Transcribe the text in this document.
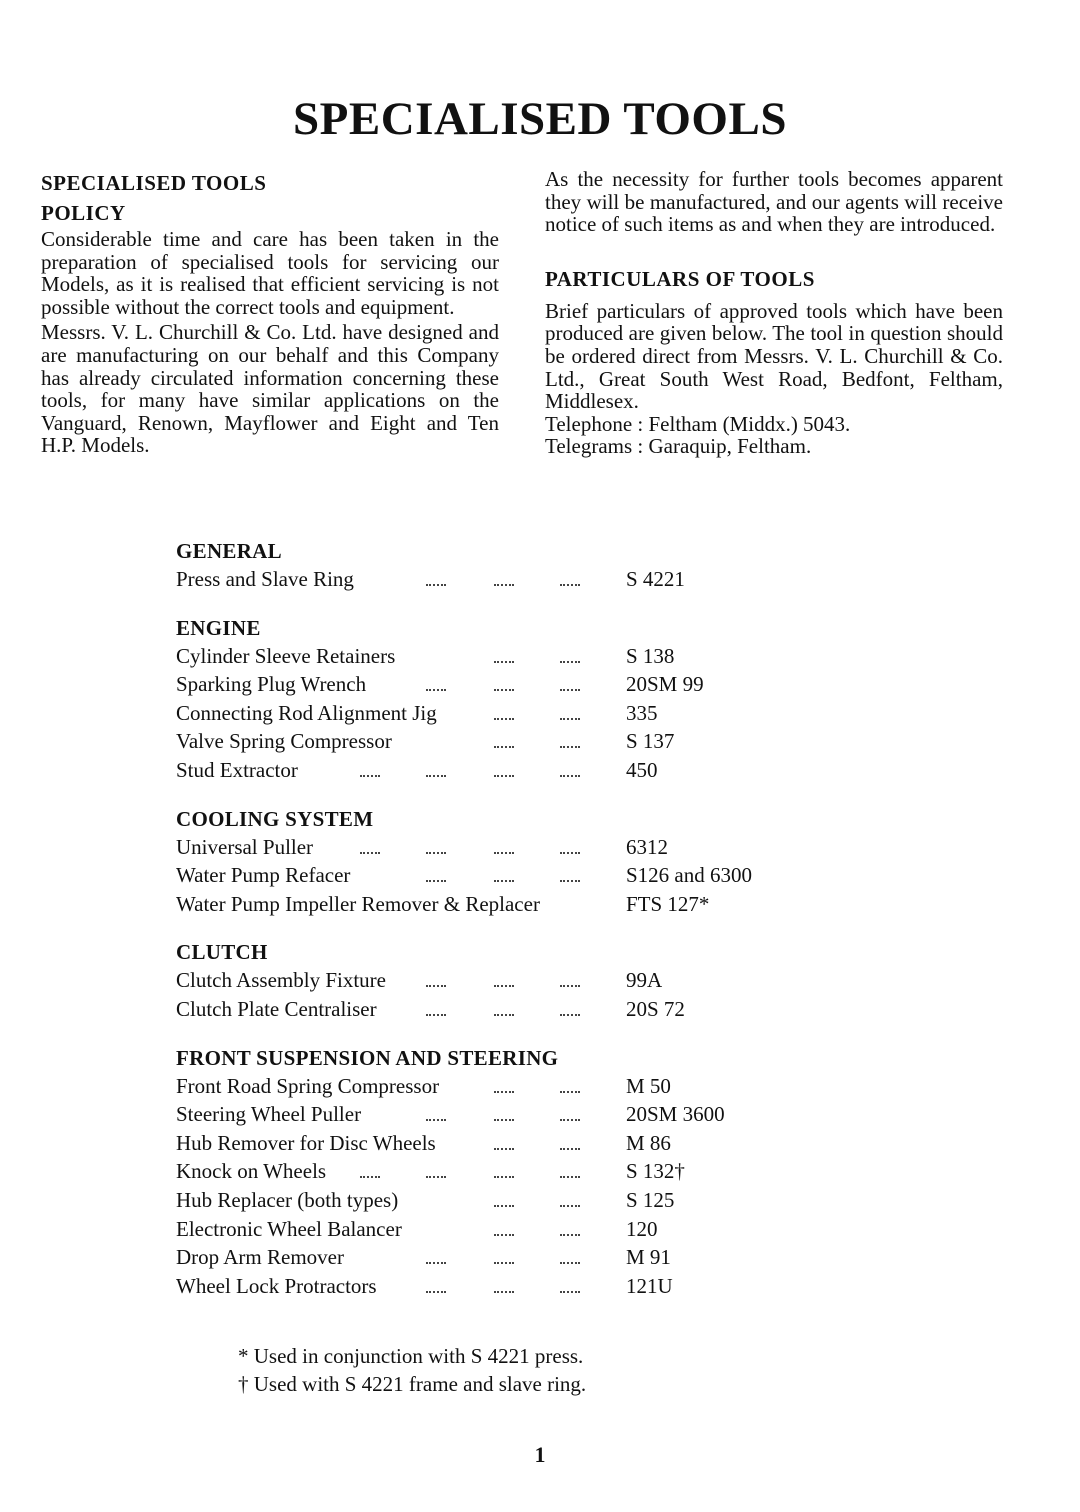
SPECIALISED TOOLS
SPECIALISED TOOLS
POLICY

Considerable time and care has been taken in the preparation of specialised tools for servicing our Models, as it is realised that efficient servicing is not possible without the correct tools and equipment.

Messrs. V. L. Churchill & Co. Ltd. have designed and are manufacturing on our behalf and this Company has already circulated information concerning these tools, for many have similar applications on the Vanguard, Renown, Mayflower and Eight and Ten H.P. Models.

As the necessity for further tools becomes apparent they will be manufactured, and our agents will receive notice of such items as and when they are introduced.

PARTICULARS OF TOOLS

Brief particulars of approved tools which have been produced are given below. The tool in question should be ordered direct from Messrs. V. L. Churchill & Co. Ltd., Great South West Road, Bedfont, Feltham, Middlesex.

Telephone : Feltham (Middx.) 5043.
Telegrams : Garaquip, Feltham.
GENERAL
Press and Slave Ring	S 4221
ENGINE
Cylinder Sleeve Retainers	S 138
Sparking Plug Wrench	20SM 99
Connecting Rod Alignment Jig	335
Valve Spring Compressor	S 137
Stud Extractor	450
COOLING SYSTEM
Universal Puller	6312
Water Pump Refacer	S126 and 6300
Water Pump Impeller Remover & Replacer	FTS 127*
CLUTCH
Clutch Assembly Fixture	99A
Clutch Plate Centraliser	20S 72
FRONT SUSPENSION AND STEERING
Front Road Spring Compressor	M 50
Steering Wheel Puller	20SM 3600
Hub Remover for Disc Wheels	M 86
Knock on Wheels	S 132†
Hub Replacer (both types)	S 125
Electronic Wheel Balancer	120
Drop Arm Remover	M 91
Wheel Lock Protractors	121U
* Used in conjunction with S 4221 press.
† Used with S 4221 frame and slave ring.
1
